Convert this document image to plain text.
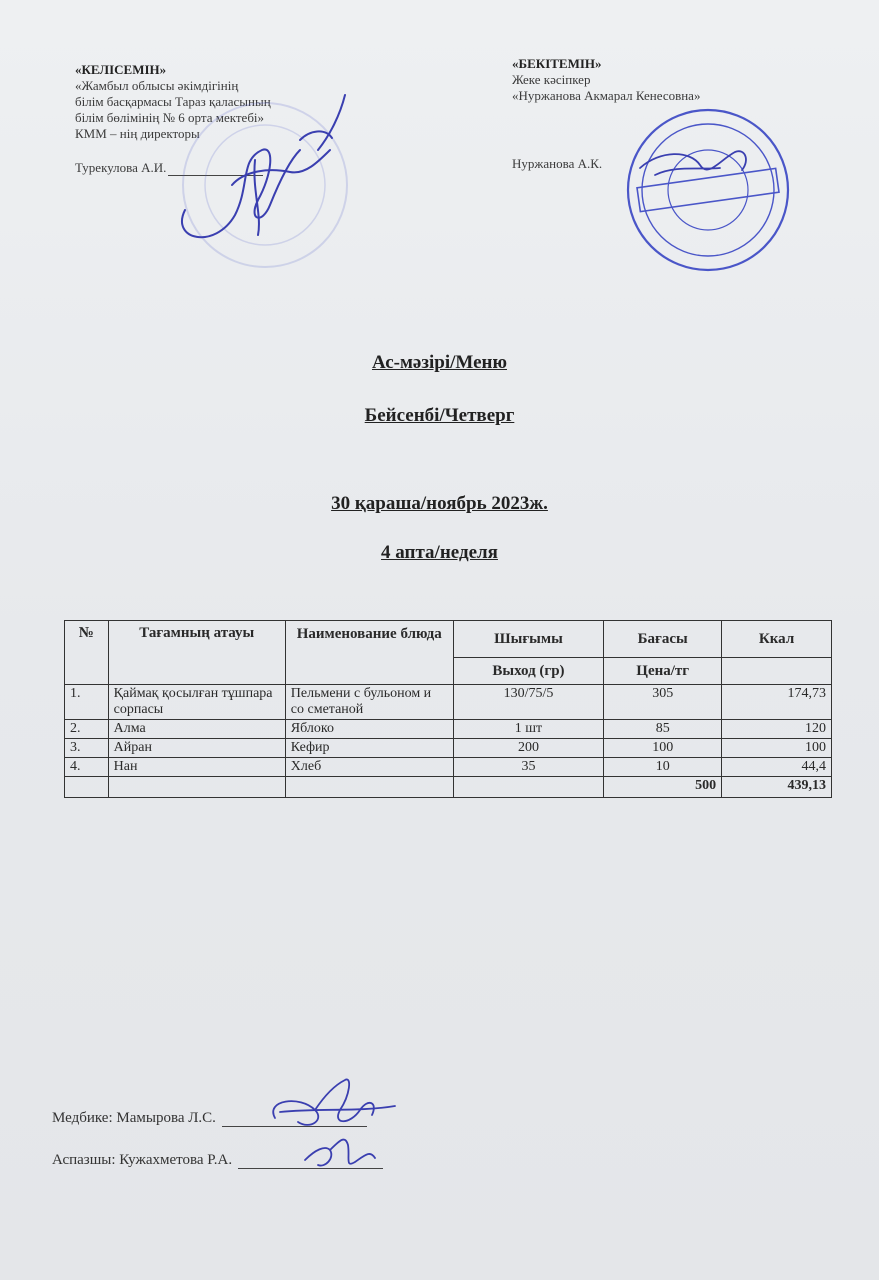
«КЕЛІСЕМІН»
«Жамбыл облысы әкімдігінің
білім басқармасы Тараз қаласының
білім бөлімінің № 6 орта мектебі»
КММ – нің директоры
Турекулова А.И.
«БЕКІТЕМІН»
Жеке кәсіпкер
«Нуржанова Акмарал Кенесовна»
Нуржанова А.К.
Ас-мәзірі/Меню
Бейсенбі/Четверг
30 қараша/ноябрь 2023ж.
4 апта/неделя
№	Тағамның атауы	Наименование блюда	Шығымы	Бағасы	Ккал
			Выход (гр)	Цена/тг	
1.	Қаймақ қосылған тұшпара сорпасы	Пельмени с бульоном и со сметаной	130/75/5	305	174,73
2.	Алма	Яблоко	1 шт	85	120
3.	Айран	Кефир	200	100	100
4.	Нан	Хлеб	35	10	44,4
				500	439,13
Медбике: Мамырова Л.С.
Аспазшы: Кужахметова Р.А.
